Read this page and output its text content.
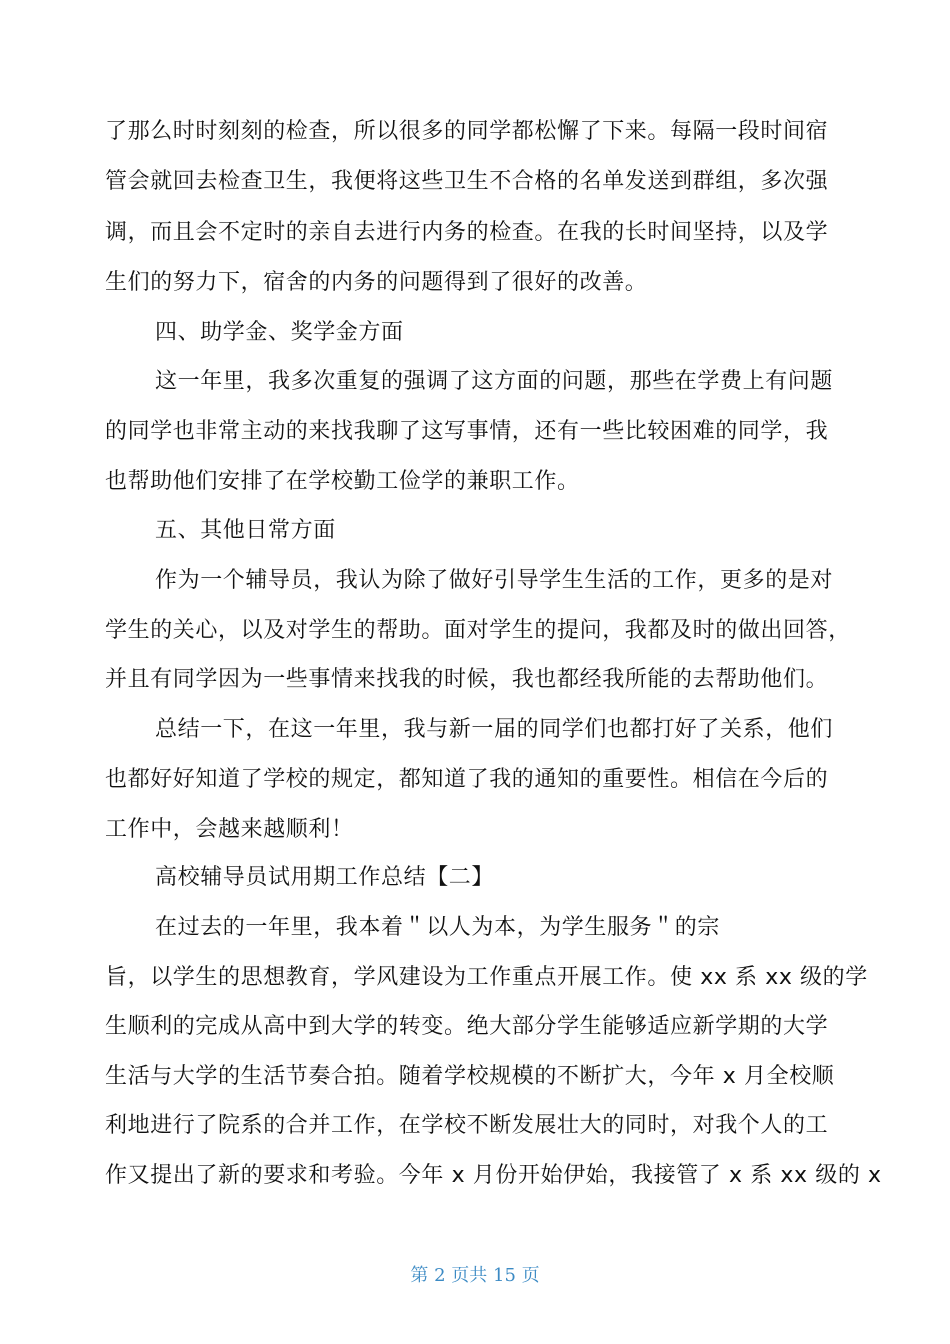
了那么时时刻刻的检查，所以很多的同学都松懈了下来。每隔一段时间宿
管会就回去检查卫生，我便将这些卫生不合格的名单发送到群组，多次强
调，而且会不定时的亲自去进行内务的检查。在我的长时间坚持，以及学
生们的努力下，宿舍的内务的问题得到了很好的改善。
四、助学金、奖学金方面
这一年里，我多次重复的强调了这方面的问题，那些在学费上有问题
的同学也非常主动的来找我聊了这写事情，还有一些比较困难的同学，我
也帮助他们安排了在学校勤工俭学的兼职工作。
五、其他日常方面
作为一个辅导员，我认为除了做好引导学生生活的工作，更多的是对
学生的关心，以及对学生的帮助。面对学生的提问，我都及时的做出回答，
并且有同学因为一些事情来找我的时候，我也都经我所能的去帮助他们。
总结一下，在这一年里，我与新一届的同学们也都打好了关系，他们
也都好好知道了学校的规定，都知道了我的通知的重要性。相信在今后的
工作中，会越来越顺利！
高校辅导员试用期工作总结【二】
在过去的一年里，我本着＂以人为本，为学生服务＂的宗
旨，以学生的思想教育，学风建设为工作重点开展工作。使 xx 系 xx 级的学
生顺利的完成从高中到大学的转变。绝大部分学生能够适应新学期的大学
生活与大学的生活节奏合拍。随着学校规模的不断扩大，今年 x 月全校顺
利地进行了院系的合并工作，在学校不断发展壮大的同时，对我个人的工
作又提出了新的要求和考验。今年 x 月份开始伊始，我接管了 x 系 xx 级的 x
第 2 页共 15 页
